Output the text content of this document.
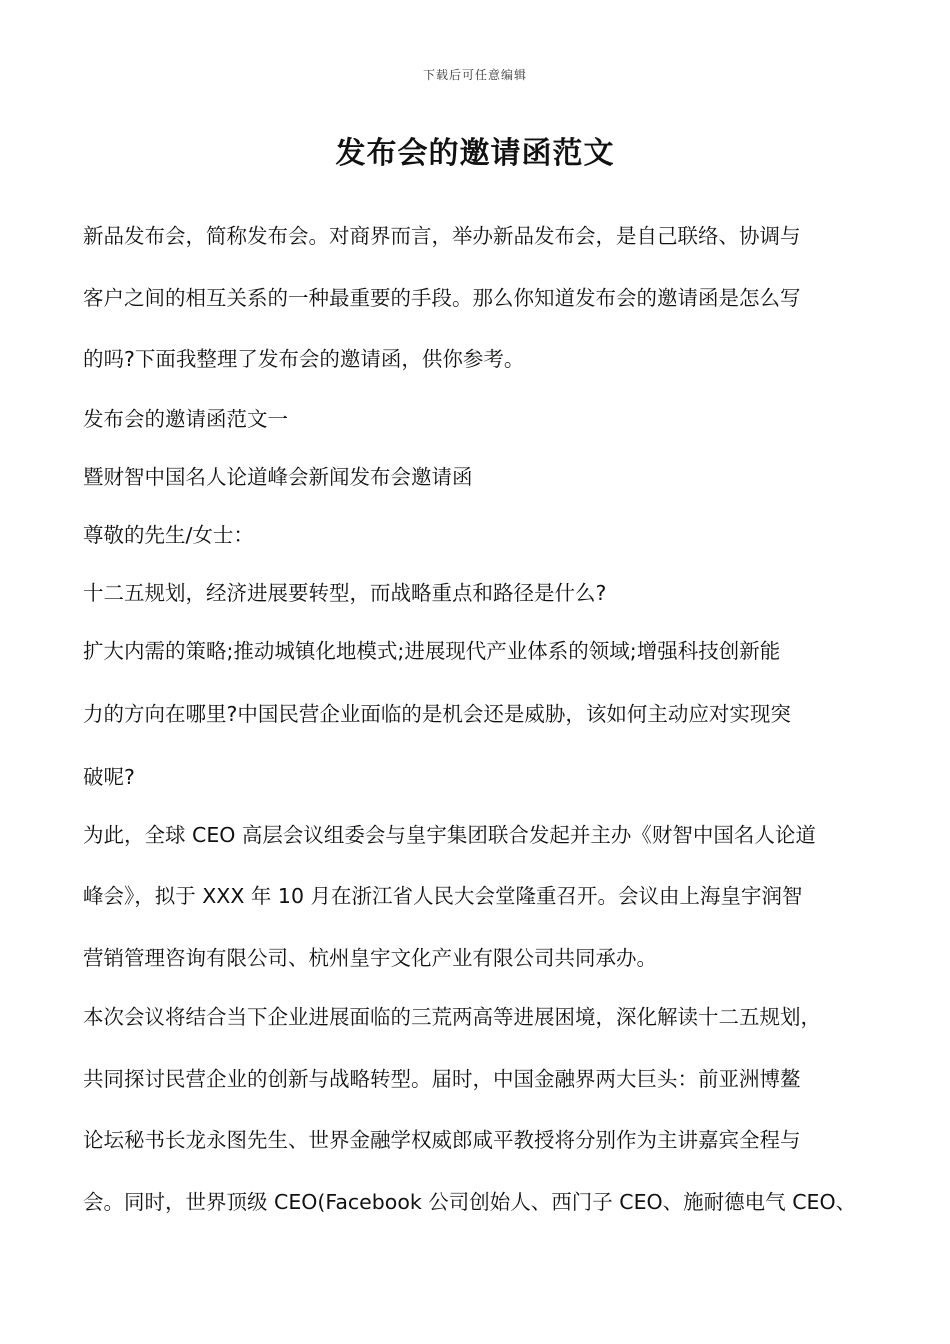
下载后可任意编辑
发布会的邀请函范文
新品发布会，简称发布会。对商界而言，举办新品发布会，是自己联络、协调与
客户之间的相互关系的一种最重要的手段。那么你知道发布会的邀请函是怎么写
的吗?下面我整理了发布会的邀请函，供你参考。
发布会的邀请函范文一
暨财智中国名人论道峰会新闻发布会邀请函
尊敬的先生/女士：
十二五规划，经济进展要转型，而战略重点和路径是什么?
扩大内需的策略;推动城镇化地模式;进展现代产业体系的领域;增强科技创新能
力的方向在哪里?中国民营企业面临的是机会还是威胁，该如何主动应对实现突
破呢?
为此，全球 CEO 高层会议组委会与皇宇集团联合发起并主办《财智中国名人论道
峰会》，拟于 XXX 年 10 月在浙江省人民大会堂隆重召开。会议由上海皇宇润智
营销管理咨询有限公司、杭州皇宇文化产业有限公司共同承办。
本次会议将结合当下企业进展面临的三荒两高等进展困境，深化解读十二五规划，
共同探讨民营企业的创新与战略转型。届时，中国金融界两大巨头：前亚洲博鳌
论坛秘书长龙永图先生、世界金融学权威郎咸平教授将分别作为主讲嘉宾全程与
会。同时，世界顶级 CEO(Facebook 公司创始人、西门子 CEO、施耐德电气 CEO、
